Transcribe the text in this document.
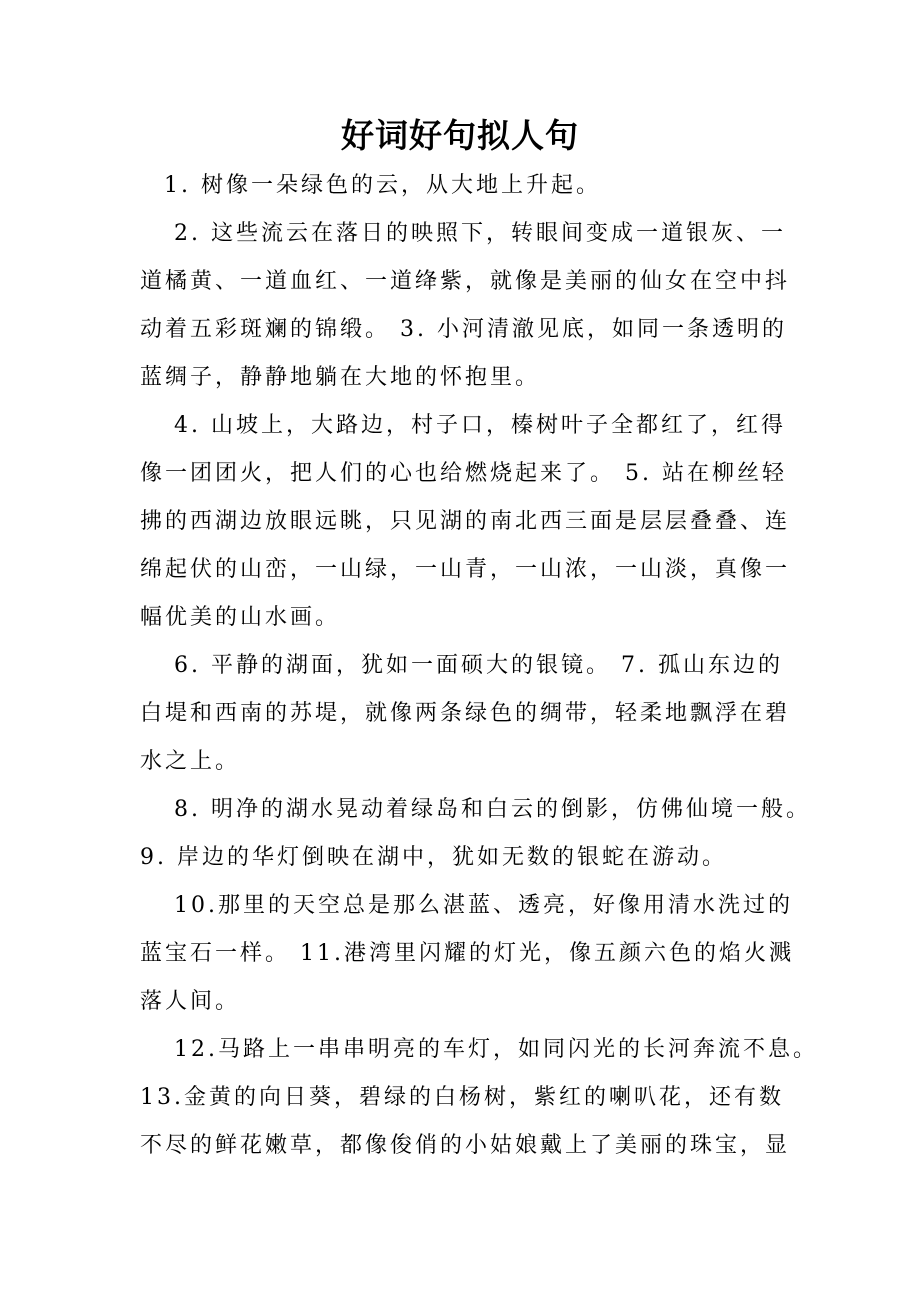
好词好句拟人句
1. 树像一朵绿色的云，从大地上升起。
2. 这些流云在落日的映照下，转眼间变成一道银灰、一
道橘黄、一道血红、一道绛紫，就像是美丽的仙女在空中抖
动着五彩斑斓的锦缎。 3. 小河清澈见底，如同一条透明的
蓝绸子，静静地躺在大地的怀抱里。
4. 山坡上，大路边，村子口，榛树叶子全都红了，红得
像一团团火，把人们的心也给燃烧起来了。 5. 站在柳丝轻
拂的西湖边放眼远眺，只见湖的南北西三面是层层叠叠、连
绵起伏的山峦，一山绿，一山青，一山浓，一山淡，真像一
幅优美的山水画。
6. 平静的湖面，犹如一面硕大的银镜。 7. 孤山东边的
白堤和西南的苏堤，就像两条绿色的绸带，轻柔地飘浮在碧
水之上。
8. 明净的湖水晃动着绿岛和白云的倒影，仿佛仙境一般。
9. 岸边的华灯倒映在湖中，犹如无数的银蛇在游动。
10.那里的天空总是那么湛蓝、透亮，好像用清水洗过的
蓝宝石一样。 11.港湾里闪耀的灯光，像五颜六色的焰火溅
落人间。
12.马路上一串串明亮的车灯，如同闪光的长河奔流不息。
13.金黄的向日葵，碧绿的白杨树，紫红的喇叭花，还有数
不尽的鲜花嫩草，都像俊俏的小姑娘戴上了美丽的珠宝，显
